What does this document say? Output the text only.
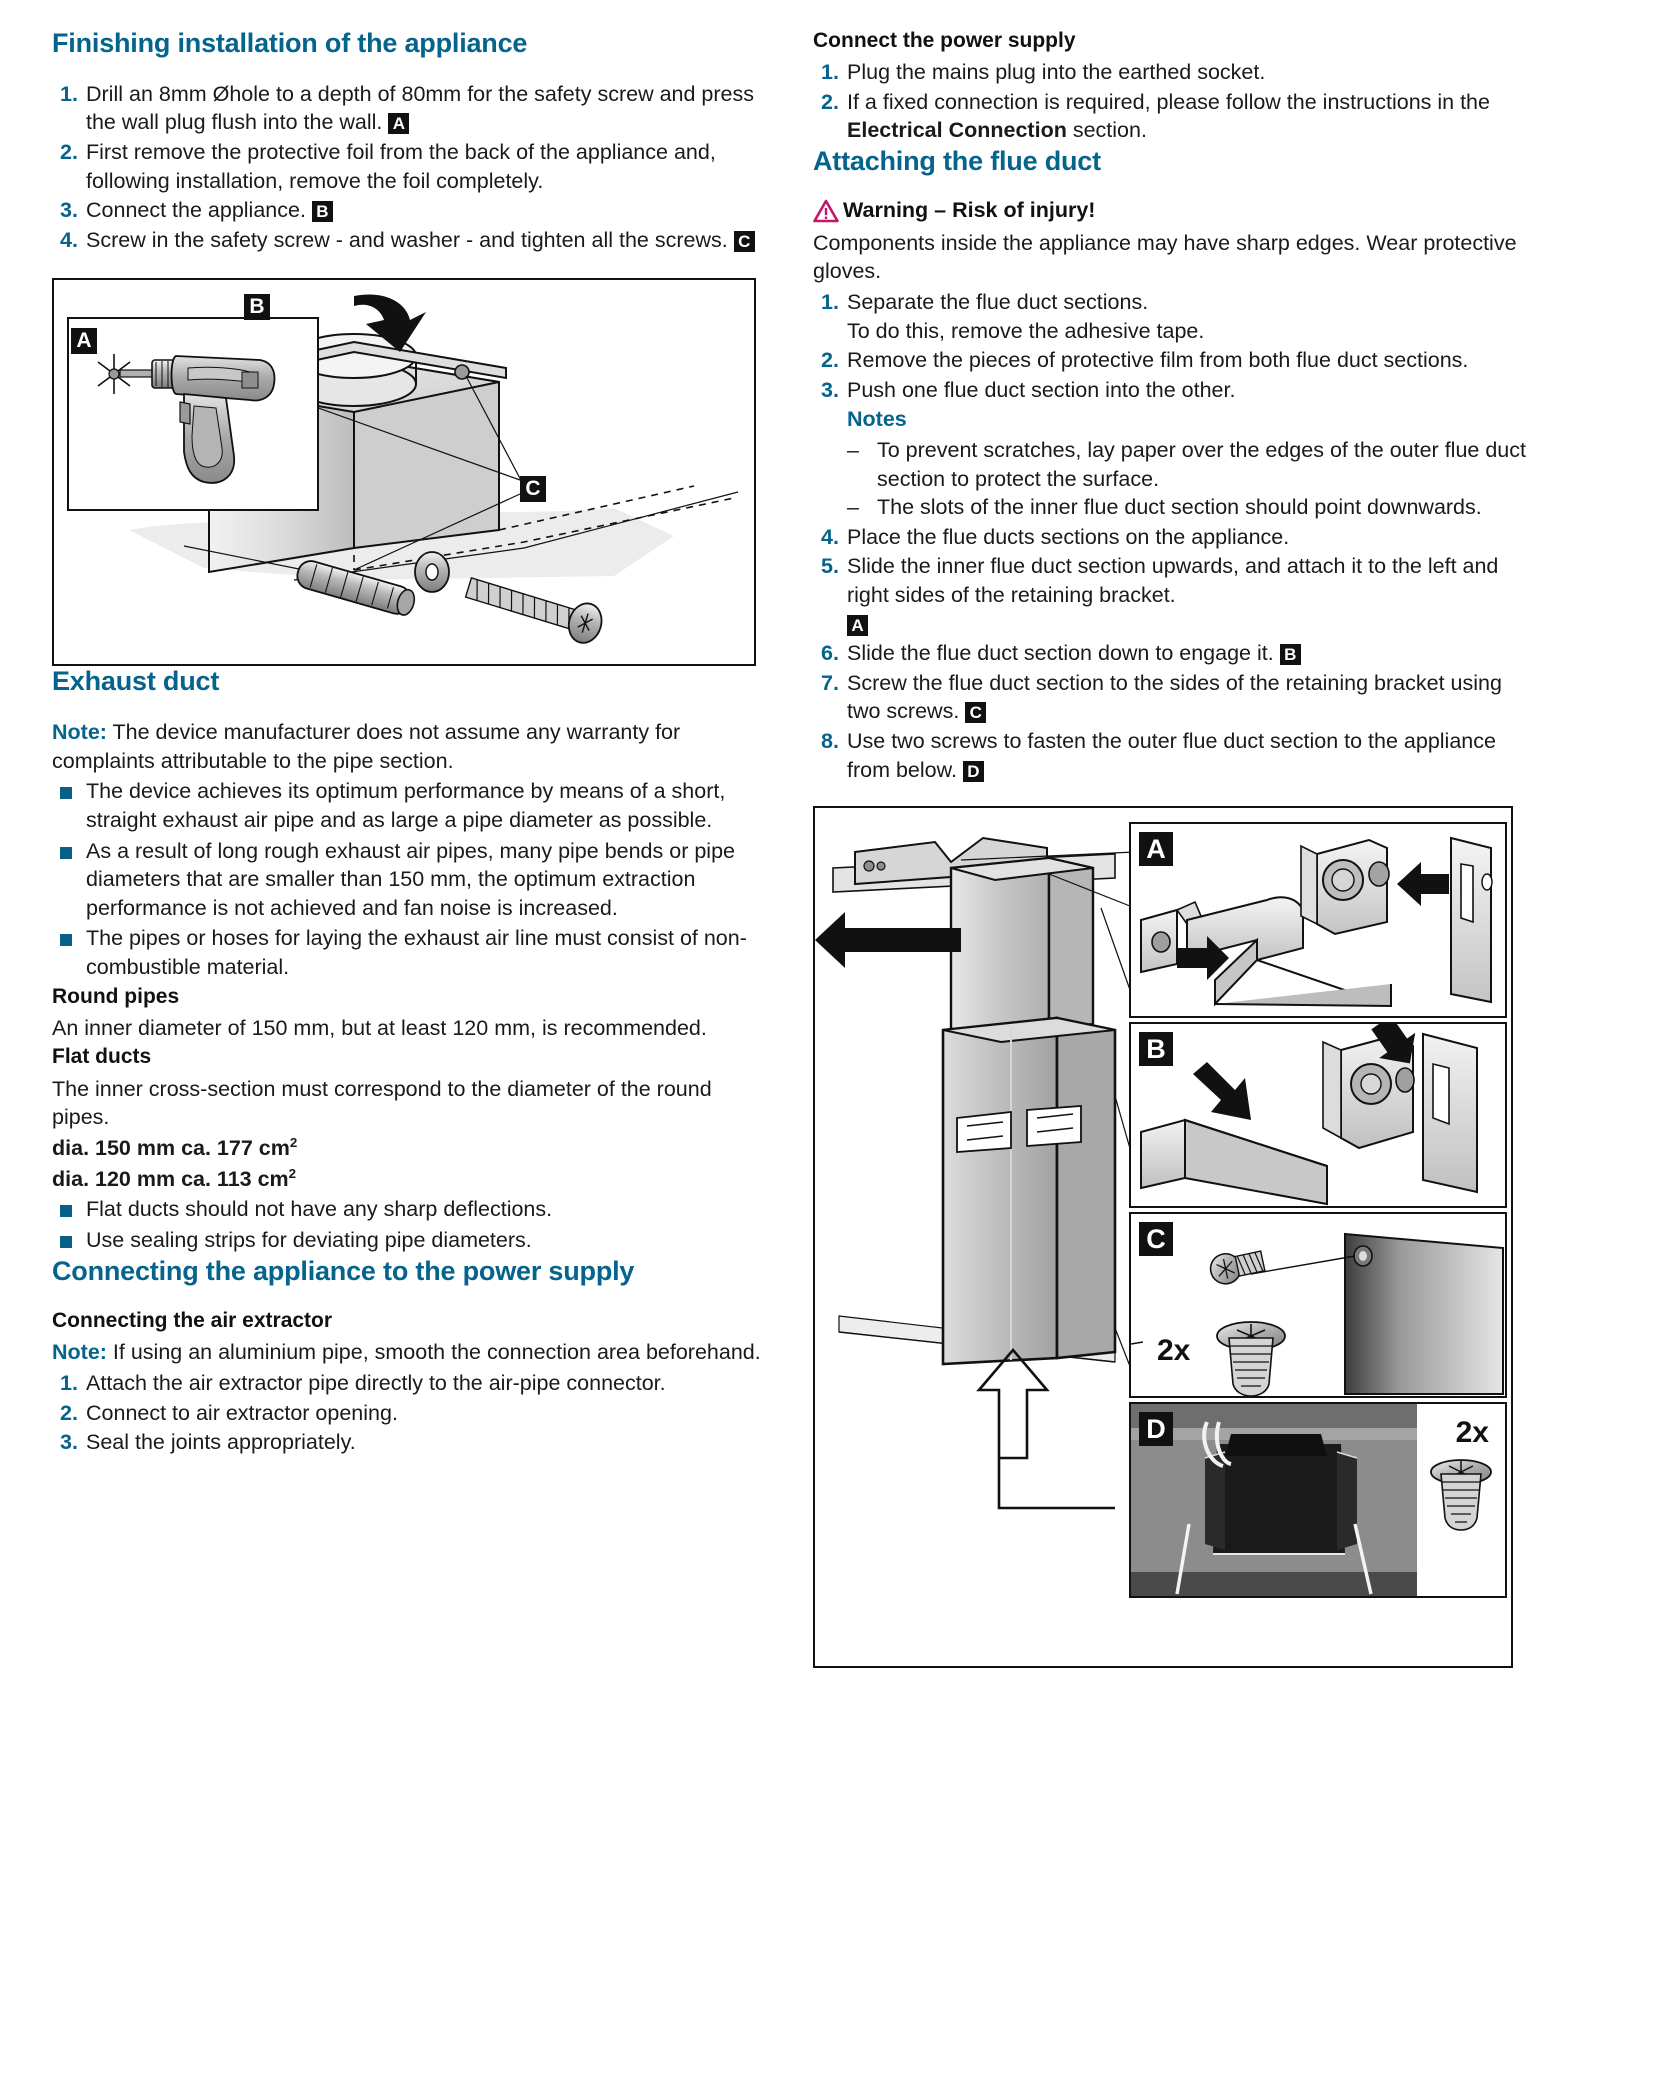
Finishing installation of the appliance
1. Drill an 8mm Øhole to a depth of 80mm for the safety screw and press the wall plug flush into the wall. A
2. First remove the protective foil from the back of the appliance and, following installation, remove the foil completely.
3. Connect the appliance. B
4. Screw in the safety screw - and washer - and tighten all the screws. C
A
B
C
Exhaust duct

Note: The device manufacturer does not assume any warranty for complaints attributable to the pipe section.

The device achieves its optimum performance by means of a short, straight exhaust air pipe and as large a pipe diameter as possible.
As a result of long rough exhaust air pipes, many pipe bends or pipe diameters that are smaller than 150 mm, the optimum extraction performance is not achieved and fan noise is increased.
The pipes or hoses for laying the exhaust air line must consist of non-combustible material.
Round pipes

An inner diameter of 150 mm, but at least 120 mm, is recommended.

Flat ducts

The inner cross-section must correspond to the diameter of the round pipes.

dia. 150 mm ca. 177 $cm^2$

dia. 120 mm ca. 113 $cm^2$

Flat ducts should not have any sharp deflections.
Use sealing strips for deviating pipe diameters.
Connecting the appliance to the power supply
Connecting the air extractor

Note: If using an aluminium pipe, smooth the connection area beforehand.

1. Attach the air extractor pipe directly to the air-pipe connector.
2. Connect to air extractor opening.
3. Seal the joints appropriately.
Connect the power supply
1. Plug the mains plug into the earthed socket.
2. If a fixed connection is required, please follow the instructions in the Electrical Connection section.
Attaching the flue duct
Warning – Risk of injury!

Components inside the appliance may have sharp edges. Wear protective gloves.

1. Separate the flue duct sections.
To do this, remove the adhesive tape.
2. Remove the pieces of protective film from both flue duct sections.
3. Push one flue duct section into the other.
Notes
– To prevent scratches, lay paper over the edges of the outer flue duct section to protect the surface.
– The slots of the inner flue duct section should point downwards.
4. Place the flue ducts sections on the appliance.
5. Slide the inner flue duct section upwards, and attach it to the left and right sides of the retaining bracket.
A
6. Slide the flue duct section down to engage it. B
7. Screw the flue duct section to the sides of the retaining bracket using two screws. C
8. Use two screws to fasten the outer flue duct section to the appliance from below. D
A
B
C
2x
D	2x
